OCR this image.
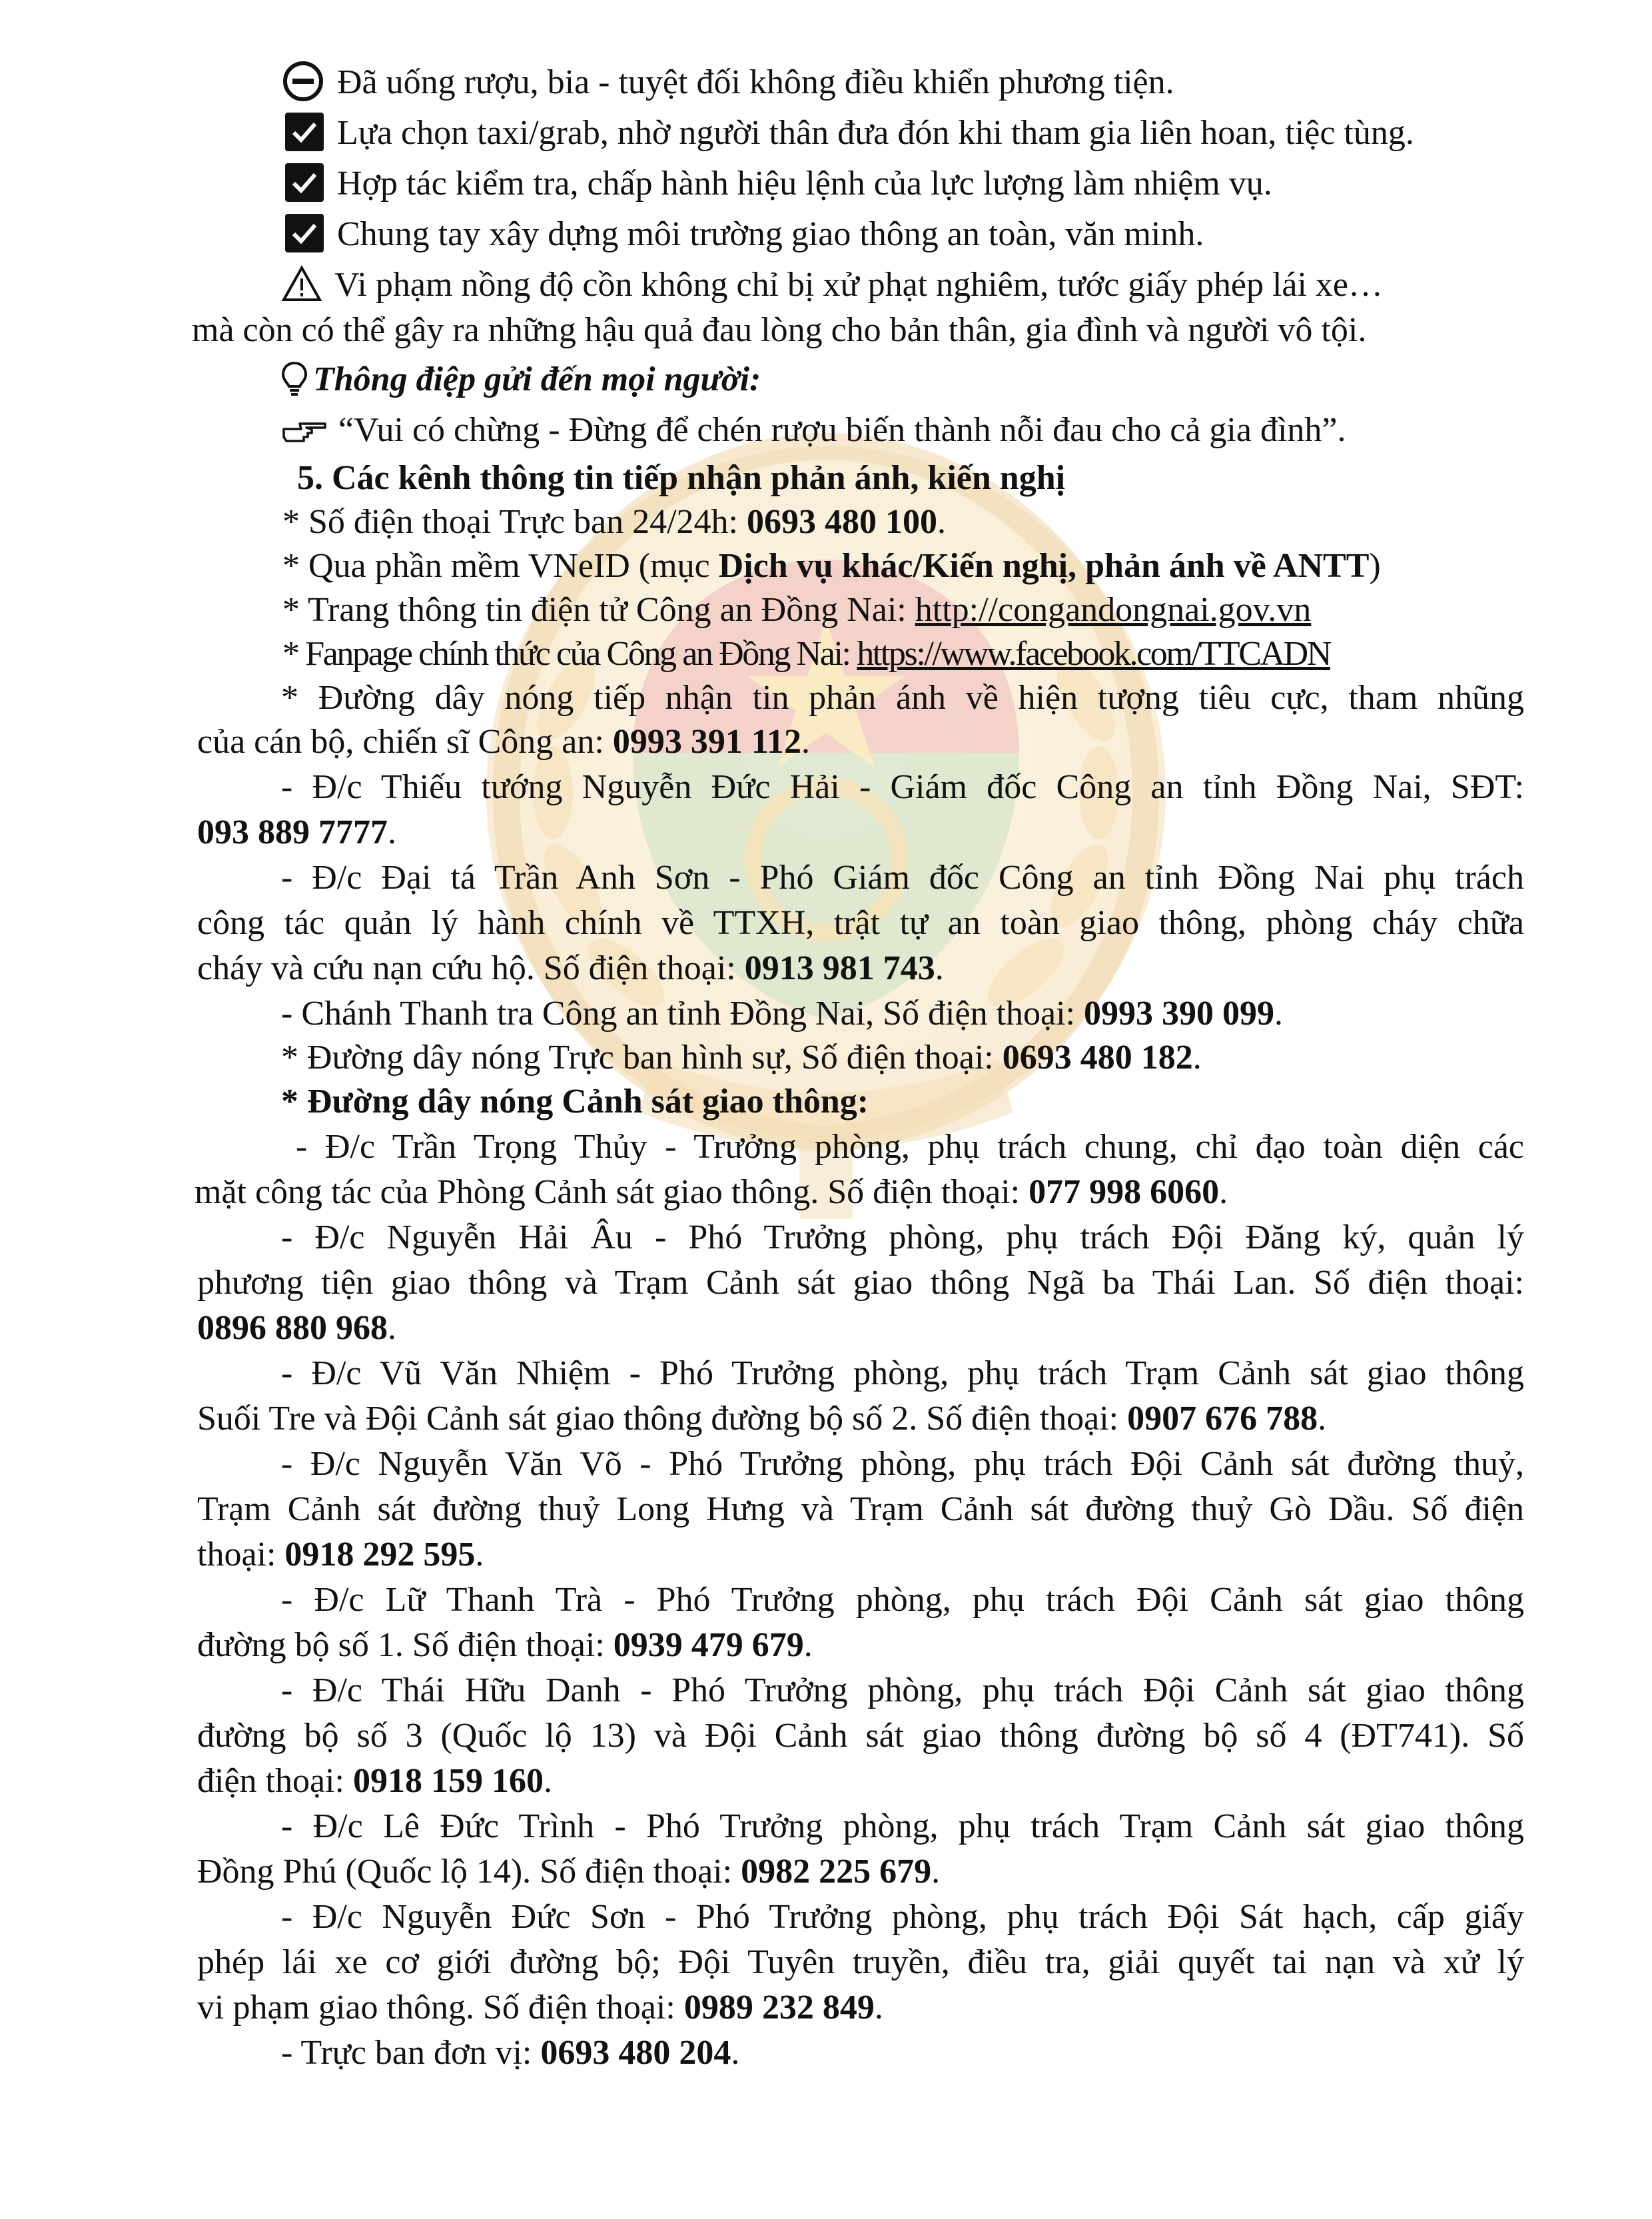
Đã uống rượu, bia - tuyệt đối không điều khiển phương tiện.
Lựa chọn taxi/grab, nhờ người thân đưa đón khi tham gia liên hoan, tiệc tùng.
Hợp tác kiểm tra, chấp hành hiệu lệnh của lực lượng làm nhiệm vụ.
Chung tay xây dựng môi trường giao thông an toàn, văn minh.
Vi phạm nồng độ cồn không chỉ bị xử phạt nghiêm, tước giấy phép lái xe…
mà còn có thể gây ra những hậu quả đau lòng cho bản thân, gia đình và người vô tội.
Thông điệp gửi đến mọi người:
“Vui có chừng - Đừng để chén rượu biến thành nỗi đau cho cả gia đình”.
5. Các kênh thông tin tiếp nhận phản ánh, kiến nghị
* Số điện thoại Trực ban 24/24h: 0693 480 100.
* Qua phần mềm VNeID (mục Dịch vụ khác/Kiến nghị, phản ánh về ANTT)
* Trang thông tin điện tử Công an Đồng Nai: http://congandongnai.gov.vn
* Fanpage chính thức của Công an Đồng Nai: https://www.facebook.com/TTCADN
* Đường dây nóng tiếp nhận tin phản ánh về hiện tượng tiêu cực, tham nhũng
của cán bộ, chiến sĩ Công an: 0993 391 112.
- Đ/c Thiếu tướng Nguyễn Đức Hải - Giám đốc Công an tỉnh Đồng Nai, SĐT:
093 889 7777.
- Đ/c Đại tá Trần Anh Sơn - Phó Giám đốc Công an tỉnh Đồng Nai phụ trách
công tác quản lý hành chính về TTXH, trật tự an toàn giao thông, phòng cháy chữa
cháy và cứu nạn cứu hộ. Số điện thoại: 0913 981 743.
- Chánh Thanh tra Công an tỉnh Đồng Nai, Số điện thoại: 0993 390 099.
* Đường dây nóng Trực ban hình sự, Số điện thoại: 0693 480 182.
* Đường dây nóng Cảnh sát giao thông:
- Đ/c Trần Trọng Thủy - Trưởng phòng, phụ trách chung, chỉ đạo toàn diện các
mặt công tác của Phòng Cảnh sát giao thông. Số điện thoại: 077 998 6060.
- Đ/c Nguyễn Hải Âu - Phó Trưởng phòng, phụ trách Đội Đăng ký, quản lý
phương tiện giao thông và Trạm Cảnh sát giao thông Ngã ba Thái Lan. Số điện thoại:
0896 880 968.
- Đ/c Vũ Văn Nhiệm - Phó Trưởng phòng, phụ trách Trạm Cảnh sát giao thông
Suối Tre và Đội Cảnh sát giao thông đường bộ số 2. Số điện thoại: 0907 676 788.
- Đ/c Nguyễn Văn Võ - Phó Trưởng phòng, phụ trách Đội Cảnh sát đường thuỷ,
Trạm Cảnh sát đường thuỷ Long Hưng và Trạm Cảnh sát đường thuỷ Gò Dầu. Số điện
thoại: 0918 292 595.
- Đ/c Lữ Thanh Trà - Phó Trưởng phòng, phụ trách Đội Cảnh sát giao thông
đường bộ số 1. Số điện thoại: 0939 479 679.
- Đ/c Thái Hữu Danh - Phó Trưởng phòng, phụ trách Đội Cảnh sát giao thông
đường bộ số 3 (Quốc lộ 13) và Đội Cảnh sát giao thông đường bộ số 4 (ĐT741). Số
điện thoại: 0918 159 160.
- Đ/c Lê Đức Trình - Phó Trưởng phòng, phụ trách Trạm Cảnh sát giao thông
Đồng Phú (Quốc lộ 14). Số điện thoại: 0982 225 679.
- Đ/c Nguyễn Đức Sơn - Phó Trưởng phòng, phụ trách Đội Sát hạch, cấp giấy
phép lái xe cơ giới đường bộ; Đội Tuyên truyền, điều tra, giải quyết tai nạn và xử lý
vi phạm giao thông. Số điện thoại: 0989 232 849.
- Trực ban đơn vị: 0693 480 204.
